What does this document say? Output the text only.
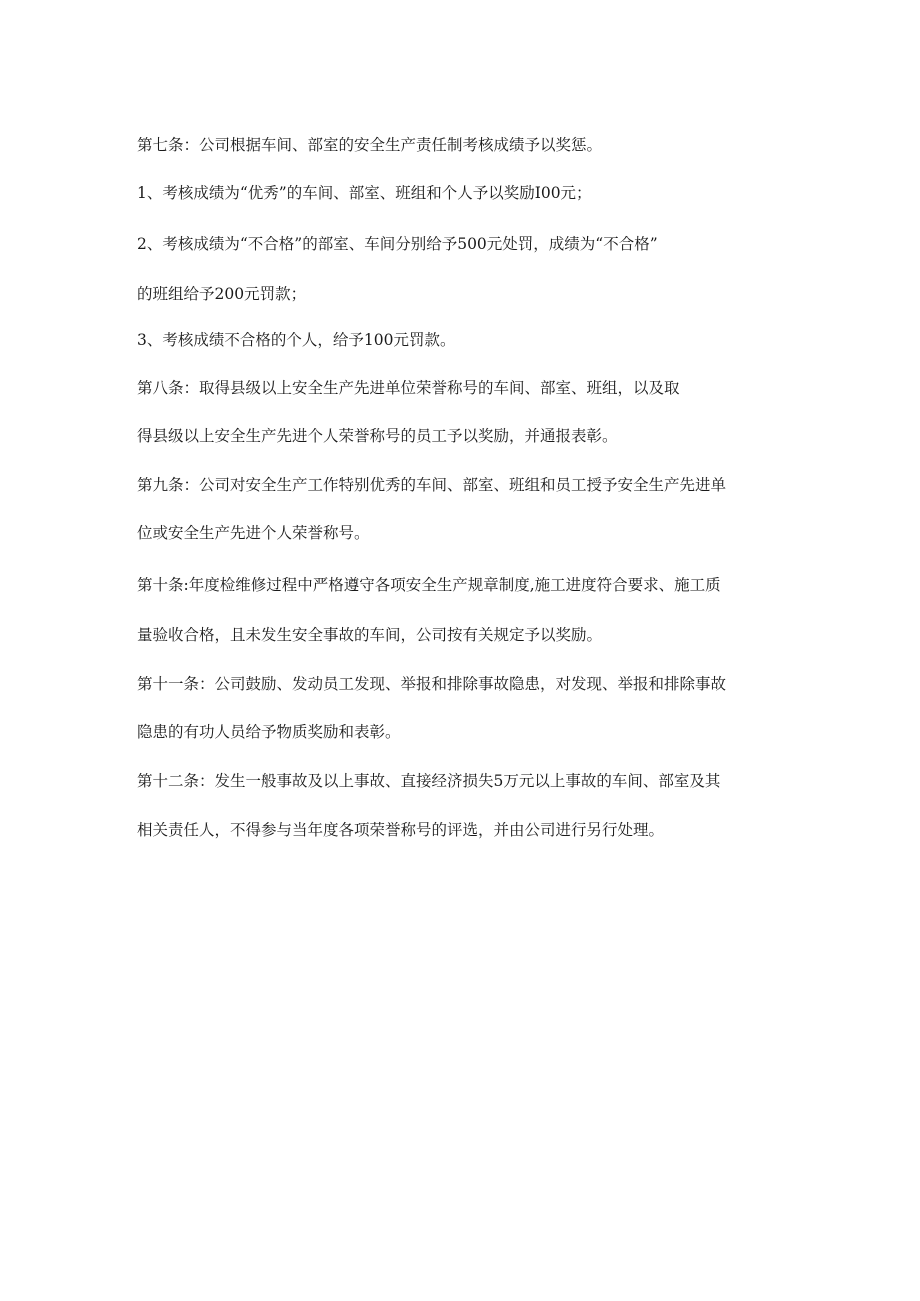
第七条：公司根据车间、部室的安全生产责任制考核成绩予以奖惩。

1、考核成绩为“优秀”的车间、部室、班组和个人予以奖励I00元；

2、考核成绩为“不合格”的部室、车间分别给予500元处罚，成绩为“不合格”

的班组给予200元罚款；

3、考核成绩不合格的个人，给予100元罚款。

第八条：取得县级以上安全生产先进单位荣誉称号的车间、部室、班组，以及取

得县级以上安全生产先进个人荣誉称号的员工予以奖励，并通报表彰。

第九条：公司对安全生产工作特别优秀的车间、部室、班组和员工授予安全生产先进单

位或安全生产先进个人荣誉称号。

第十条:年度检维修过程中严格遵守各项安全生产规章制度,施工进度符合要求、施工质

量验收合格，且未发生安全事故的车间，公司按有关规定予以奖励。

第十一条：公司鼓励、发动员工发现、举报和排除事故隐患，对发现、举报和排除事故

隐患的有功人员给予物质奖励和表彰。

第十二条：发生一般事故及以上事故、直接经济损失5万元以上事故的车间、部室及其

相关责任人，不得参与当年度各项荣誉称号的评选，并由公司进行另行处理。
